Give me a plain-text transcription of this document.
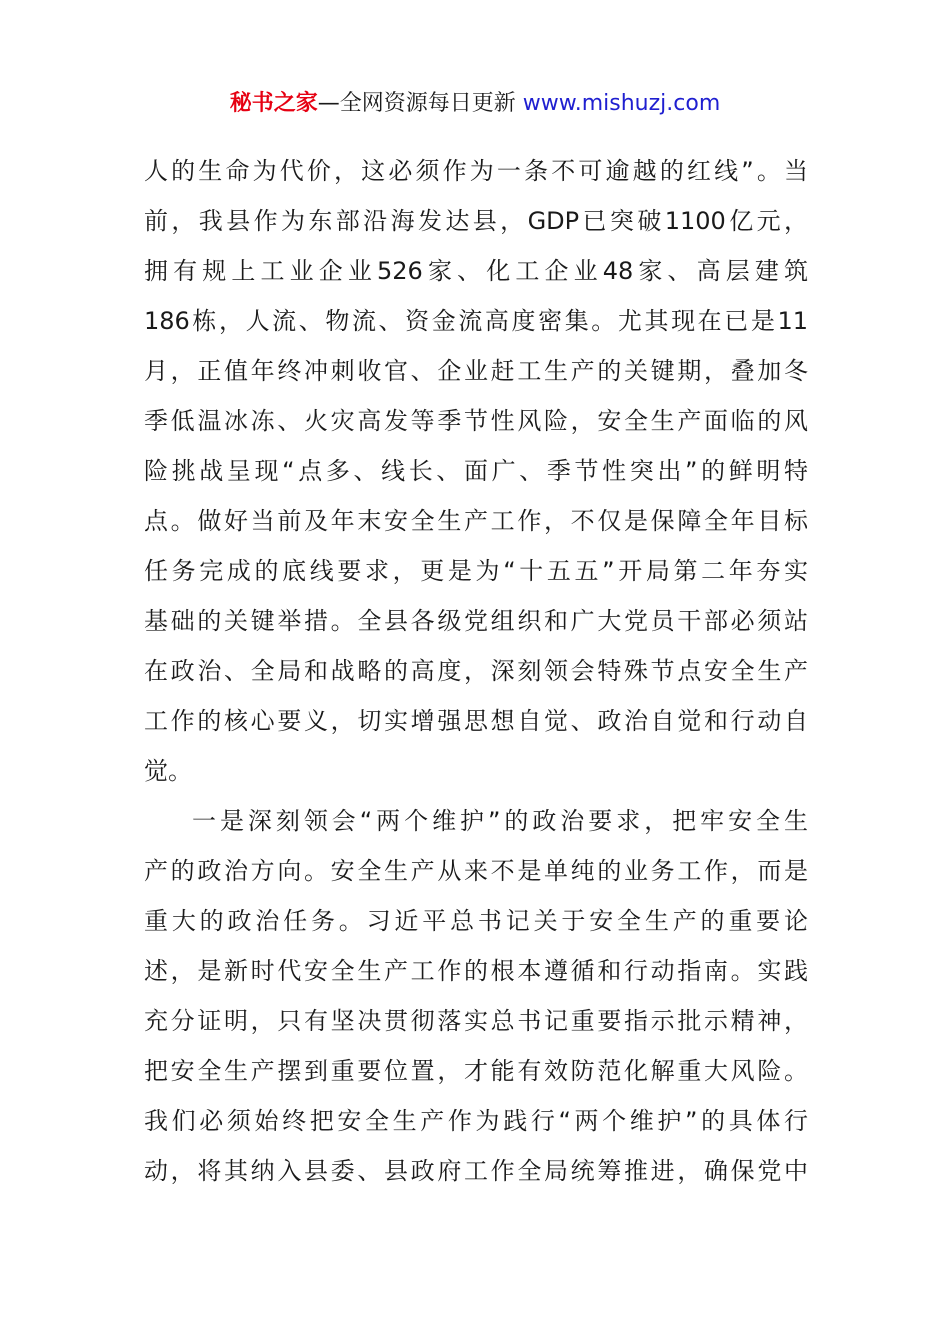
秘书之家—全网资源每日更新 www.mishuzj.com
人的生命为代价，这必须作为一条不可逾越的红线”。当
前，我县作为东部沿海发达县，GDP已突破1100亿元，
拥有规上工业企业526家、化工企业48家、高层建筑
186栋，人流、物流、资金流高度密集。尤其现在已是11
月，正值年终冲刺收官、企业赶工生产的关键期，叠加冬
季低温冰冻、火灾高发等季节性风险，安全生产面临的风
险挑战呈现“点多、线长、面广、季节性突出”的鲜明特
点。做好当前及年末安全生产工作，不仅是保障全年目标
任务完成的底线要求，更是为“十五五”开局第二年夯实
基础的关键举措。全县各级党组织和广大党员干部必须站
在政治、全局和战略的高度，深刻领会特殊节点安全生产
工作的核心要义，切实增强思想自觉、政治自觉和行动自
觉。
一是深刻领会“两个维护”的政治要求，把牢安全生
产的政治方向。安全生产从来不是单纯的业务工作，而是
重大的政治任务。习近平总书记关于安全生产的重要论
述，是新时代安全生产工作的根本遵循和行动指南。实践
充分证明，只有坚决贯彻落实总书记重要指示批示精神，
把安全生产摆到重要位置，才能有效防范化解重大风险。
我们必须始终把安全生产作为践行“两个维护”的具体行
动，将其纳入县委、县政府工作全局统筹推进，确保党中
